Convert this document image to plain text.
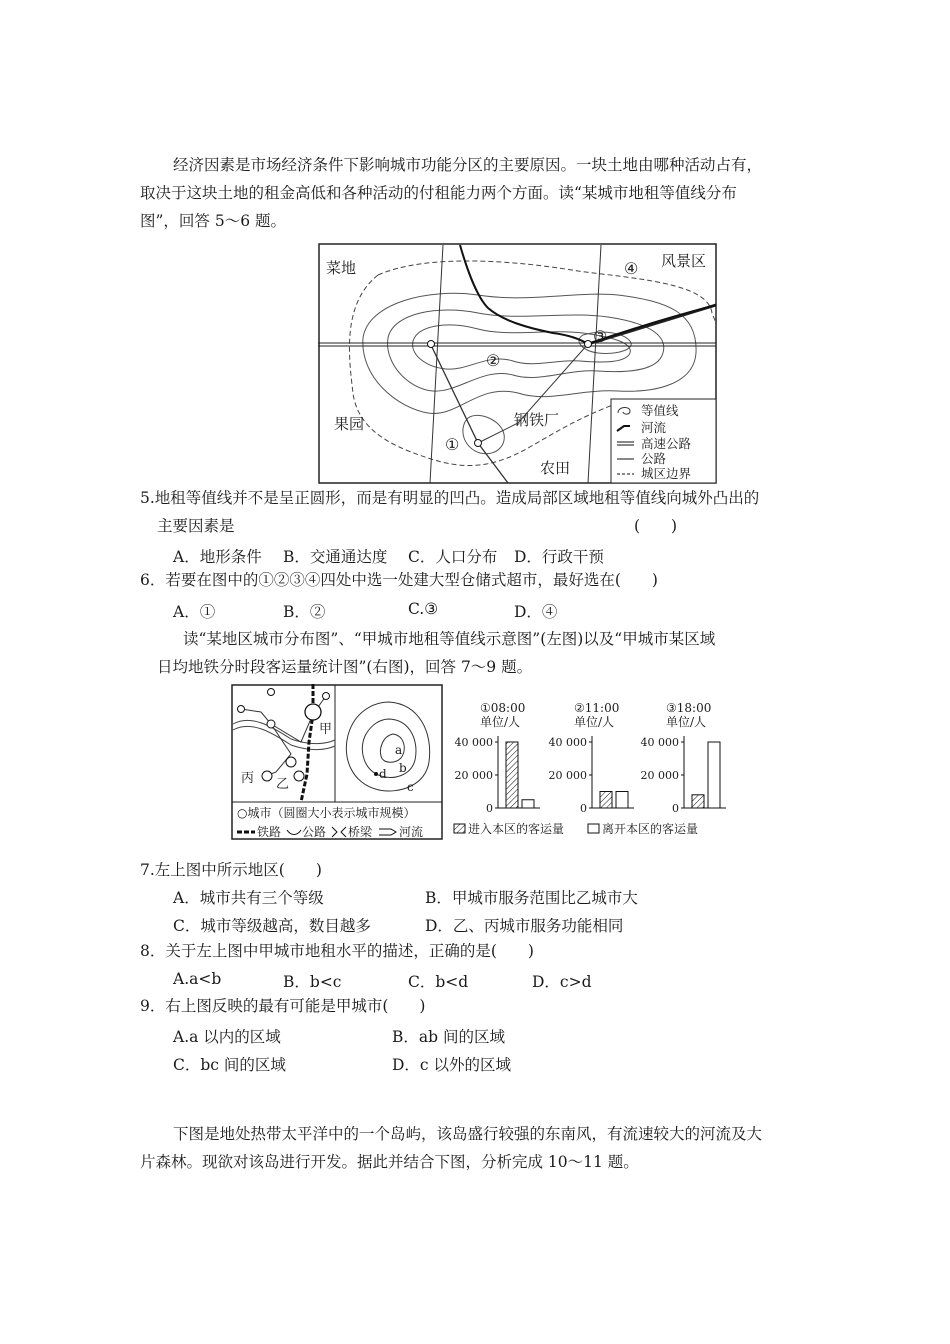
经济因素是市场经济条件下影响城市功能分区的主要原因。一块土地由哪种活动占有，
取决于这块土地的租金高低和各种活动的付租能力两个方面。读“某城市地租等值线分布
图”，回答 5～6 题。
菜地	风景区
果园	钢铁厂
农田
①
②
③
④
等值线
河流
高速公路
公路
城区边界
5.地租等值线并不是呈正圆形，而是有明显的凹凸。造成局部区域地租等值线向城外凸出的
主要因素是	(　　)
A．地形条件 B．交通通达度 C．人口分布 D．行政干预
6．若要在图中的①②③④四处中选一处建大型仓储式超市，最好选在(　　)
A．①	B．②	C.③	D．④
读“某地区城市分布图”、“甲城市地租等值线示意图”(左图)以及“甲城市某区域
日均地铁分时段客运量统计图”(右图)，回答 7～9 题。
甲
乙
丙
a
b
c
d
○城市（圆圈大小表示城市规模）
铁路 公路 桥梁 河流
①08:00
单位/人
40 000
20 000
0
②11:00
单位/人
40 000
20 000
0
③18:00
单位/人
40 000
20 000
0
进入本区的客运量	离开本区的客运量
7.左上图中所示地区(　　)
A．城市共有三个等级	B．甲城市服务范围比乙城市大
C．城市等级越高，数目越多	D．乙、丙城市服务功能相同
8．关于左上图中甲城市地租水平的描述，正确的是(　　)
A.a<b	B．b<c	C．b<d	D．c>d
9．右上图反映的最有可能是甲城市(　　)
A.a 以内的区域	B．ab 间的区域
C．bc 间的区域	D．c 以外的区域
下图是地处热带太平洋中的一个岛屿，该岛盛行较强的东南风，有流速较大的河流及大
片森林。现欲对该岛进行开发。据此并结合下图，分析完成 10～11 题。
